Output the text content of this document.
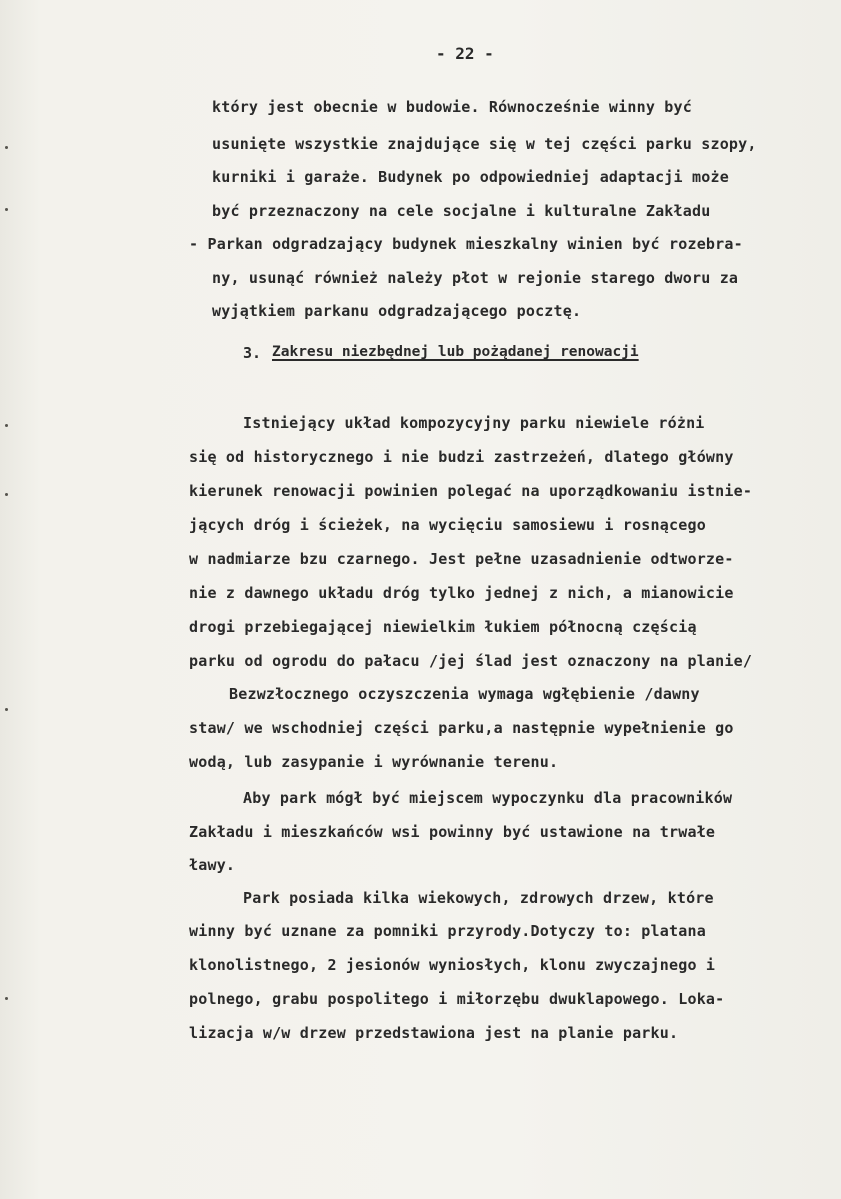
- 22 -

który jest obecnie w budowie. Równocześnie winny być

usunięte wszystkie znajdujące się w tej części parku szopy,

kurniki i garaże. Budynek po odpowiedniej adaptacji może

być przeznaczony na cele socjalne i kulturalne Zakładu

- Parkan odgradzający budynek mieszkalny winien być rozebra-

ny, usunąć również należy płot w rejonie starego dworu za

wyjątkiem parkanu odgradzającego pocztę.

3. Zakresu niezbędnej lub pożądanej renowacji

Istniejący układ kompozycyjny parku niewiele różni

się od historycznego i nie budzi zastrzeżeń, dlatego główny

kierunek renowacji powinien polegać na uporządkowaniu istnie-

jących dróg i ścieżek, na wycięciu samosiewu i rosnącego

w nadmiarze bzu czarnego. Jest pełne uzasadnienie odtworze-

nie z dawnego układu dróg tylko jednej z nich, a mianowicie

drogi przebiegającej niewielkim łukiem północną częścią

parku od ogrodu do pałacu /jej ślad jest oznaczony na planie/

Bezwzłocznego oczyszczenia wymaga wgłębienie /dawny

staw/ we wschodniej części parku,a następnie wypełnienie go

wodą, lub zasypanie i wyrównanie terenu.

Aby park mógł być miejscem wypoczynku dla pracowników

Zakładu i mieszkańców wsi powinny być ustawione na trwałe

ławy.

Park posiada kilka wiekowych, zdrowych drzew, które

winny być uznane za pomniki przyrody.Dotyczy to: platana

klonolistnego, 2 jesionów wyniosłych, klonu zwyczajnego i

polnego, grabu pospolitego i miłorzębu dwuklapowego. Loka-

lizacja w/w drzew przedstawiona jest na planie parku.
